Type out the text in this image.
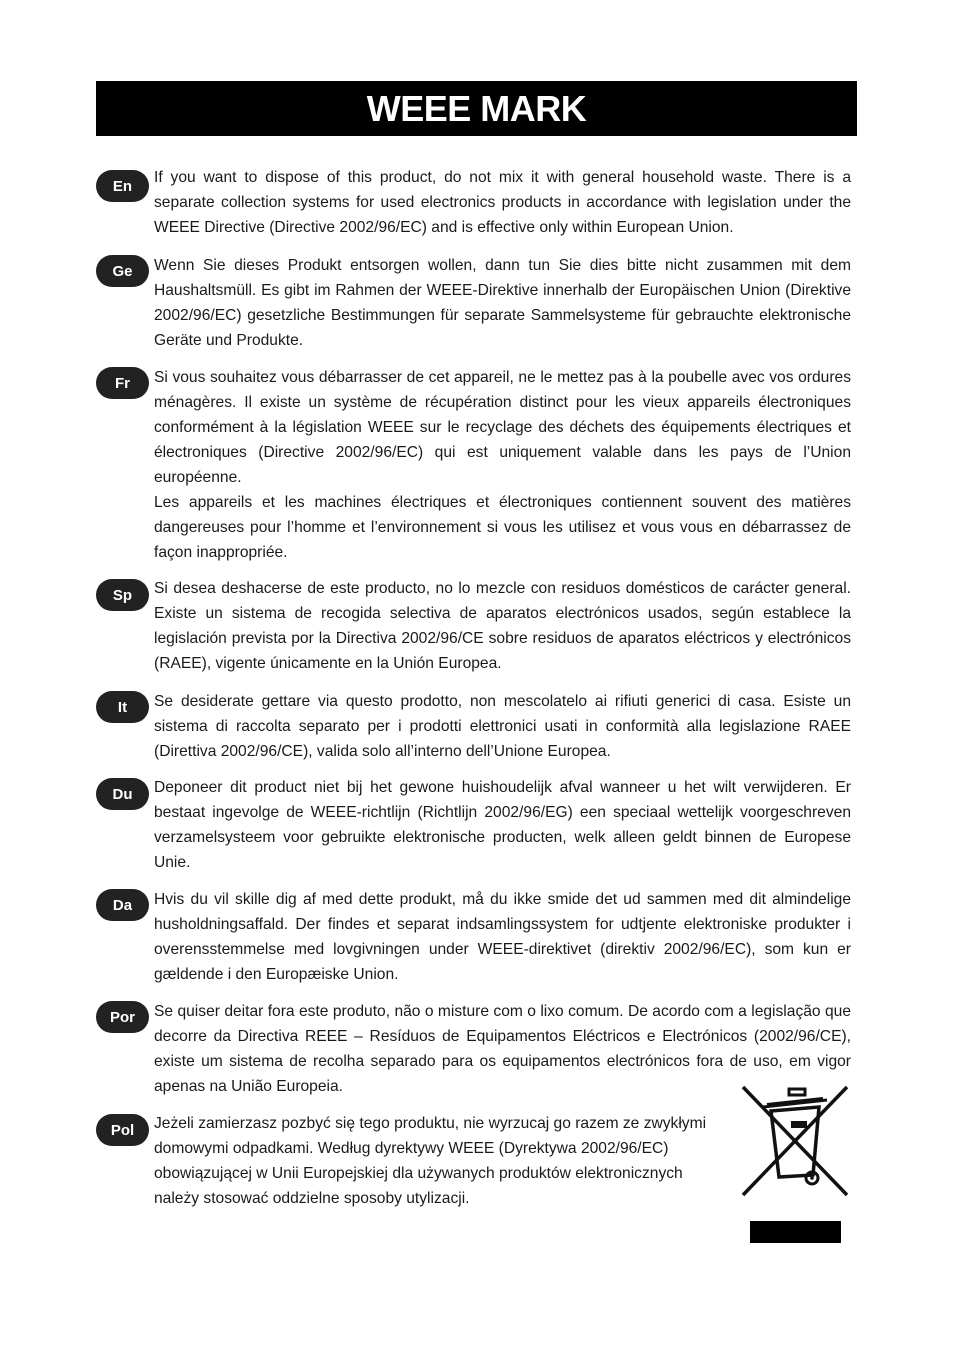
WEEE MARK
En	If you want to dispose of this product, do not mix it with general household waste. There is a separate collection systems for used electronics products in accordance with legislation under the WEEE Directive (Directive 2002/96/EC) and is effective only within European Union.

Ge	Wenn Sie dieses Produkt entsorgen wollen, dann tun Sie dies bitte nicht zusammen mit dem Haushaltsmüll. Es gibt im Rahmen der WEEE-Direktive innerhalb der Europäischen Union (Direktive 2002/96/EC) gesetzliche Bestimmungen für separate Sammelsysteme für gebrauchte elektronische Geräte und Produkte.

Fr	Si vous souhaitez vous débarrasser de cet appareil, ne le mettez pas à la poubelle avec vos ordures ménagères. Il existe un système de récupération distinct pour les vieux appareils électroniques conformément à la législation WEEE sur le recyclage des déchets des équipements électriques et électroniques (Directive 2002/96/EC) qui est uniquement valable dans les pays de l’Union européenne.

Les appareils et les machines électriques et électroniques contiennent souvent des matières dangereuses pour l’homme et l’environnement si vous les utilisez et vous vous en débarrassez de façon inappropriée.

Sp	Si desea deshacerse de este producto, no lo mezcle con residuos domésticos de carácter general. Existe un sistema de recogida selectiva de aparatos electrónicos usados, según establece la legislación prevista por la Directiva 2002/96/CE sobre residuos de aparatos eléctricos y electrónicos (RAEE), vigente únicamente en la Unión Europea.

It	Se desiderate gettare via questo prodotto, non mescolatelo ai rifiuti generici di casa. Esiste un sistema di raccolta separato per i prodotti elettronici usati in conformità alla legislazione RAEE (Direttiva 2002/96/CE), valida solo all’interno dell’Unione Europea.

Du	Deponeer dit product niet bij het gewone huishoudelijk afval wanneer u het wilt verwijderen. Er bestaat ingevolge de WEEE-richtlijn (Richtlijn 2002/96/EG) een speciaal wettelijk voorgeschreven verzamelsysteem voor gebruikte elektronische producten, welk alleen geldt binnen de Europese Unie.

Da	Hvis du vil skille dig af med dette produkt, må du ikke smide det ud sammen med dit almindelige husholdningsaffald. Der findes et separat indsamlingssystem for udtjente elektroniske produkter i overensstemmelse med lovgivningen under WEEE-direktivet (direktiv 2002/96/EC), som kun er gældende i den Europæiske Union.

Por	Se quiser deitar fora este produto, não o misture com o lixo comum. De acordo com a legislação que decorre da Directiva REEE – Resíduos de Equipamentos Eléctricos e Electrónicos (2002/96/CE), existe um sistema de recolha separado para os equipamentos electrónicos fora de uso, em vigor apenas na União Europeia.

Pol	Jeżeli zamierzasz pozbyć się tego produktu, nie wyrzucaj go razem ze zwykłymi domowymi odpadkami. Według dyrektywy WEEE (Dyrektywa 2002/96/EC) obowiązującej w Unii Europejskiej dla używanych produktów elektronicznych należy stosować oddzielne sposoby utylizacji.
